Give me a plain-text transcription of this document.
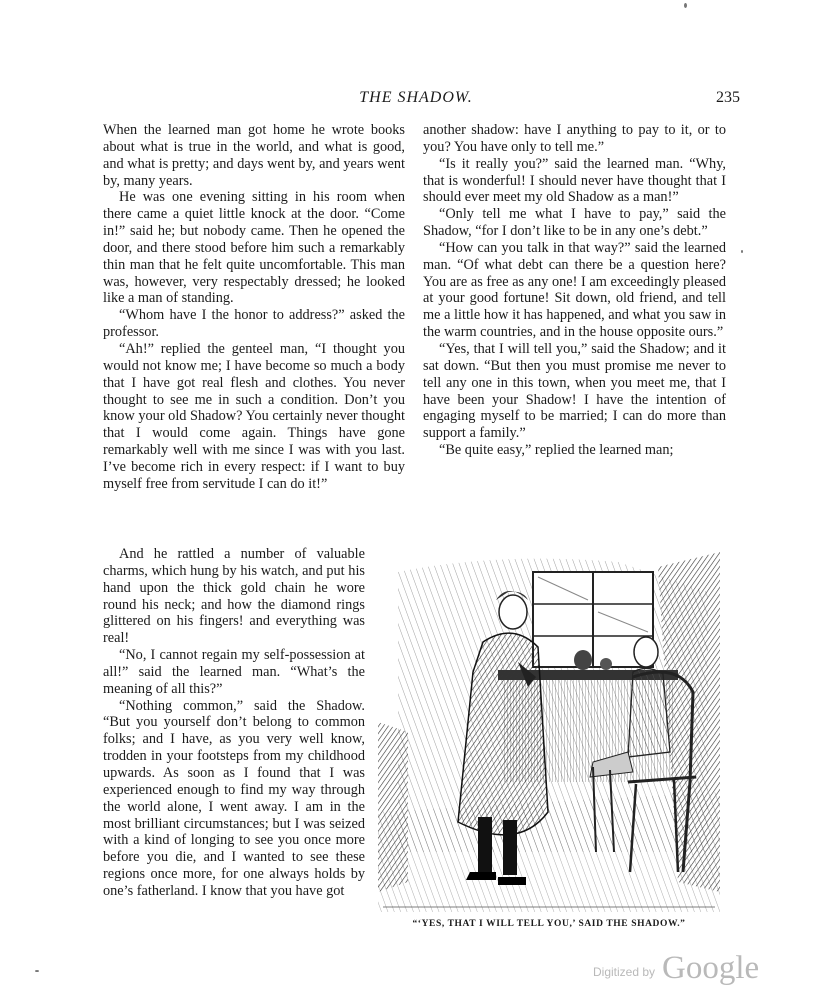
THE SHADOW.	235

When the learned man got home he wrote books about what is true in the world, and what is good, and what is pretty; and days went by, and years went by, many years.

He was one evening sitting in his room when there came a quiet little knock at the door. “Come in!” said he; but nobody came. Then he opened the door, and there stood before him such a remarkably thin man that he felt quite uncomfortable. This man was, however, very respectably dressed; he looked like a man of standing.

“Whom have I the honor to address?” asked the professor.

“Ah!” replied the genteel man, “I thought you would not know me; I have become so much a body that I have got real flesh and clothes. You never thought to see me in such a condition. Don’t you know your old Shadow? You certainly never thought that I would come again. Things have gone remarkably well with me since I was with you last. I’ve become rich in every respect: if I want to buy myself free from servitude I can do it!”

And he rattled a number of valuable charms, which hung by his watch, and put his hand upon the thick gold chain he wore round his neck; and how the diamond rings glittered on his fingers! and everything was real!

“No, I cannot regain my self-possession at all!” said the learned man. “What’s the meaning of all this?”

“Nothing common,” said the Shadow. “But you yourself don’t belong to common folks; and I have, as you very well know, trodden in your footsteps from my childhood upwards. As soon as I found that I was experienced enough to find my way through the world alone, I went away. I am in the most brilliant circumstances; but I was seized with a kind of longing to see you once more before you die, and I wanted to see these regions once more, for one always holds by one’s fatherland. I know that you have got

another shadow: have I anything to pay to it, or to you? You have only to tell me.”

“Is it really you?” said the learned man. “Why, that is wonderful! I should never have thought that I should ever meet my old Shadow as a man!”

“Only tell me what I have to pay,” said the Shadow, “for I don’t like to be in any one’s debt.”

“How can you talk in that way?” said the learned man. “Of what debt can there be a question here? You are as free as any one! I am exceedingly pleased at your good fortune! Sit down, old friend, and tell me a little how it has happened, and what you saw in the warm countries, and in the house opposite ours.”

“Yes, that I will tell you,” said the Shadow; and it sat down. “But then you must promise me never to tell any one in this town, when you meet me, that I have been your Shadow! I have the intention of engaging myself to be married; I can do more than support a family.”

“Be quite easy,” replied the learned man;

“‘YES, THAT I WILL TELL YOU,’ SAID THE SHADOW.”
Digitized by Google
